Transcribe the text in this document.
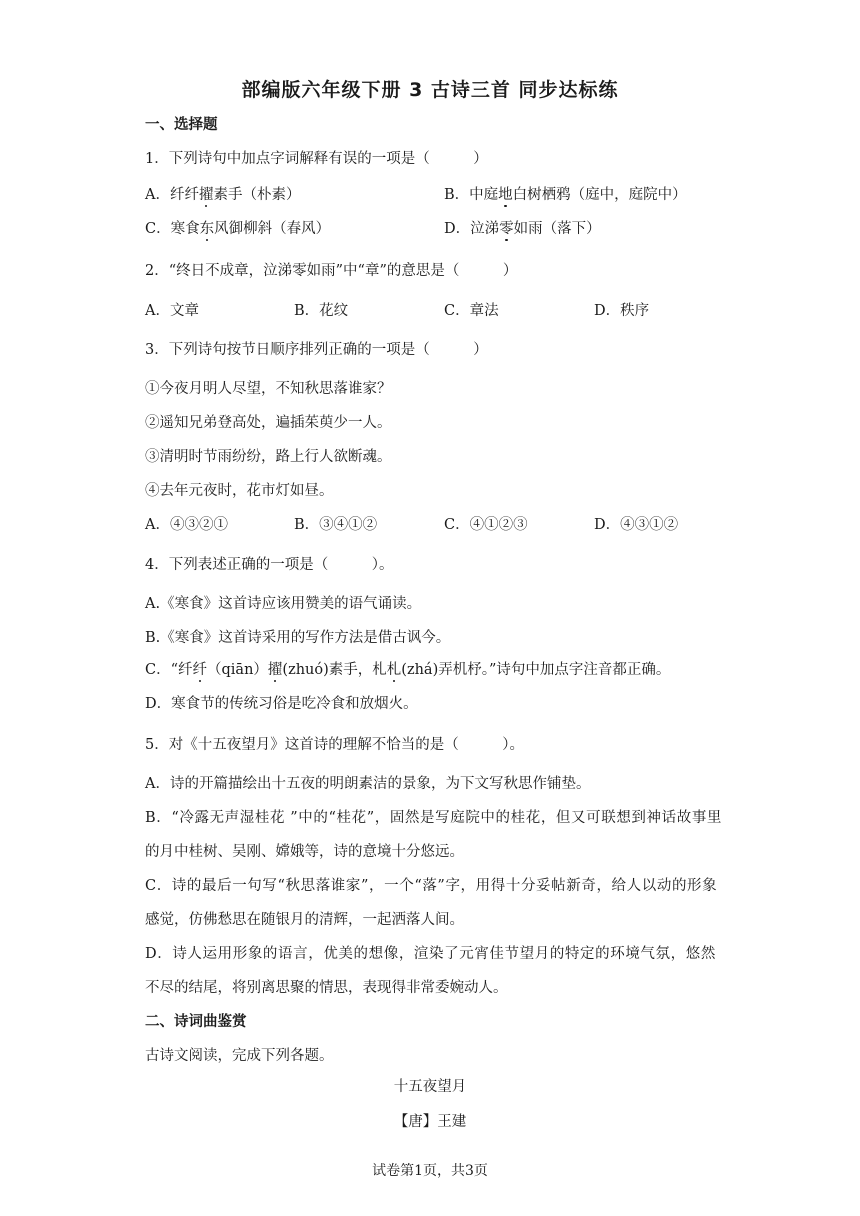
部编版六年级下册 3 古诗三首 同步达标练
一、选择题
1．下列诗句中加点字词解释有误的一项是（　　　）
A．纤纤擢素手（朴素）	B．中庭地白树栖鸦（庭中，庭院中）
C．寒食东风御柳斜（春风）	D．泣涕零如雨（落下）
2．“终日不成章，泣涕零如雨”中“章”的意思是（　　　）
A．文章	B．花纹	C．章法	D．秩序
3．下列诗句按节日顺序排列正确的一项是（　　　）
①今夜月明人尽望，不知秋思落谁家？
②遥知兄弟登高处，遍插茱萸少一人。
③清明时节雨纷纷，路上行人欲断魂。
④去年元夜时，花市灯如昼。
A．④③②①	B．③④①②	C．④①②③	D．④③①②
4．下列表述正确的一项是（　　　）。
A.《寒食》这首诗应该用赞美的语气诵读。
B.《寒食》这首诗采用的写作方法是借古讽今。
C．“纤纤（qiān）擢(zhuó)素手，札札(zhá)弄机杼。”诗句中加点字注音都正确。
D．寒食节的传统习俗是吃冷食和放烟火。
5．对《十五夜望月》这首诗的理解不恰当的是（　　　）。
A．诗的开篇描绘出十五夜的明朗素洁的景象，为下文写秋思作铺垫。
B．“冷露无声湿桂花 ”中的“桂花”，固然是写庭院中的桂花，但又可联想到神话故事里
的月中桂树、吴刚、嫦娥等，诗的意境十分悠远。
C．诗的最后一句写“秋思落谁家”，一个“落”字，用得十分妥帖新奇，给人以动的形象
感觉，仿佛愁思在随银月的清辉，一起洒落人间。
D．诗人运用形象的语言，优美的想像，渲染了元宵佳节望月的特定的环境气氛，悠然
不尽的结尾，将别离思聚的情思，表现得非常委婉动人。
二、诗词曲鉴赏
古诗文阅读，完成下列各题。
十五夜望月
【唐】王建
试卷第1页，共3页
